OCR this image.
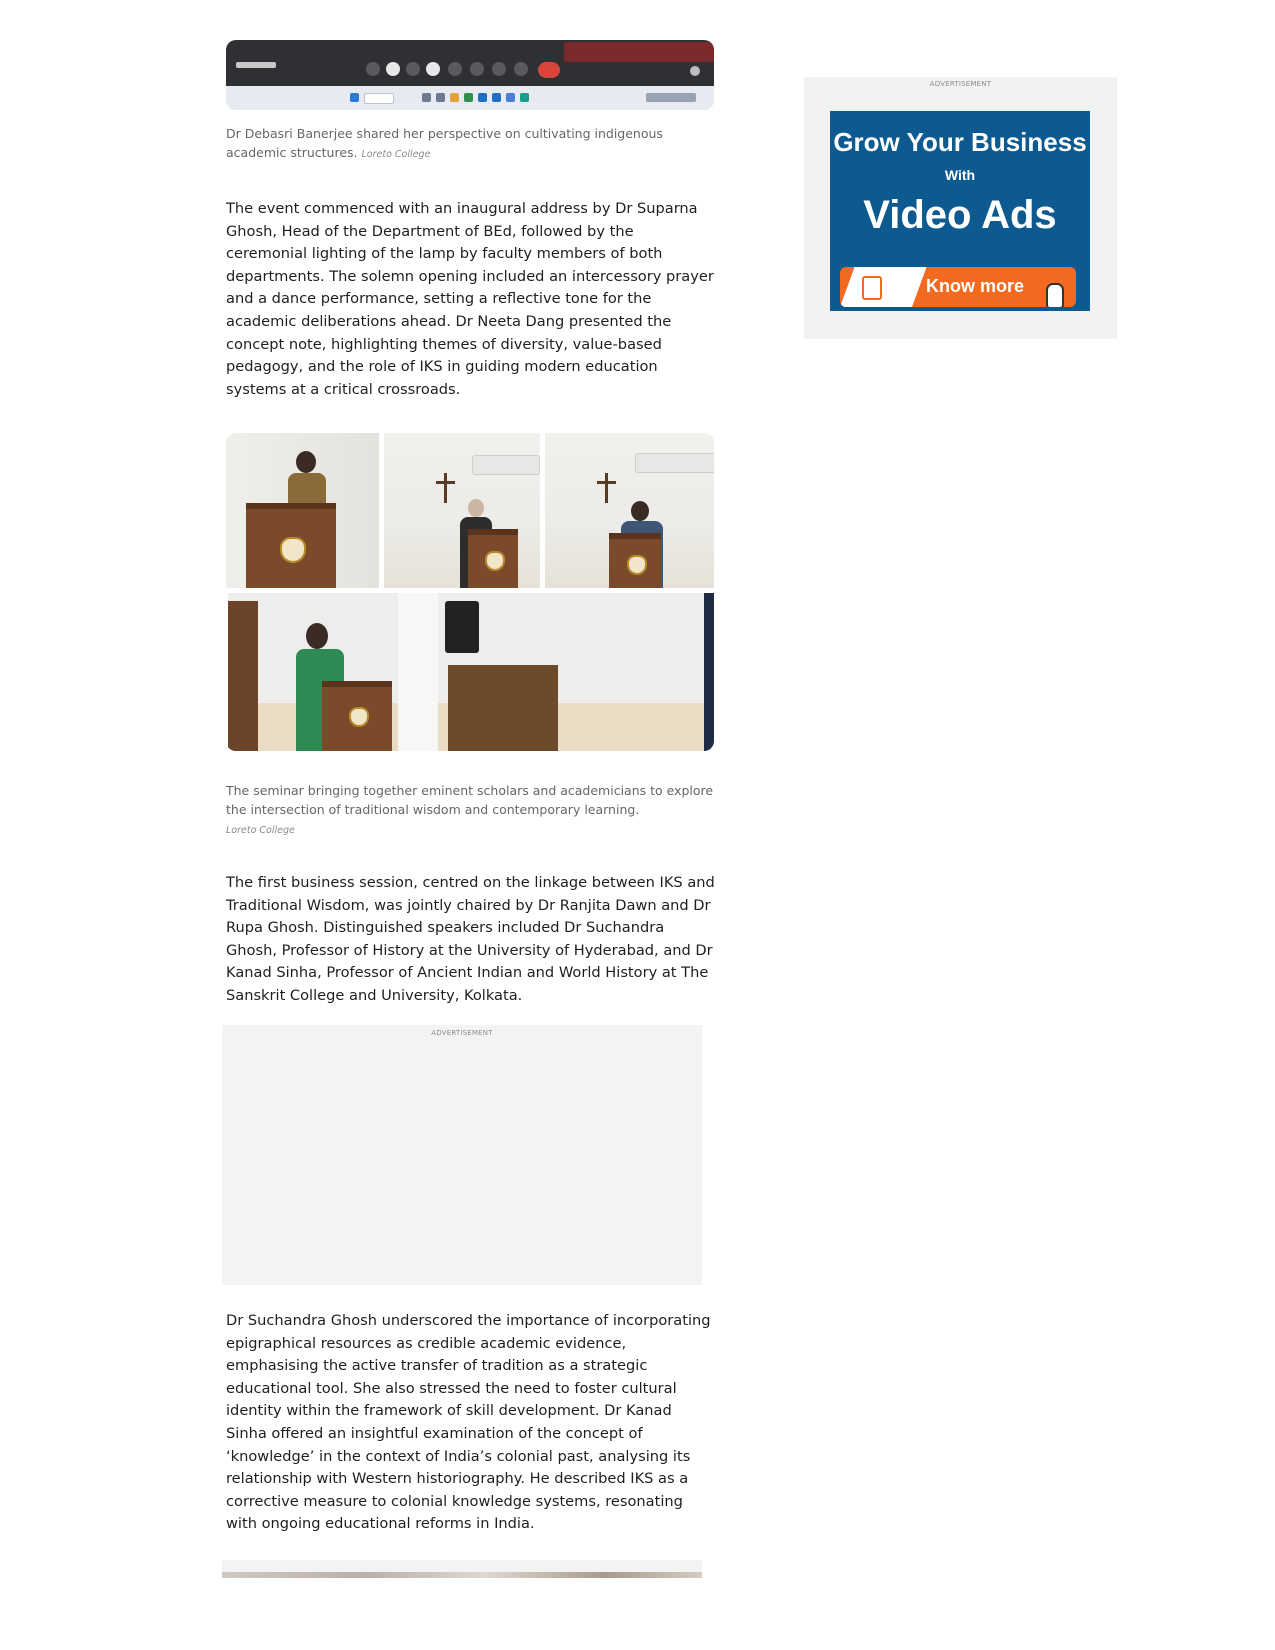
Dr Debasri Banerjee shared her perspective on cultivating indigenous academic structures. Loreto College

The event commenced with an inaugural address by Dr Suparna Ghosh, Head of the Department of BEd, followed by the ceremonial lighting of the lamp by faculty members of both departments. The solemn opening included an intercessory prayer and a dance performance, setting a reflective tone for the academic deliberations ahead. Dr Neeta Dang presented the concept note, highlighting themes of diversity, value-based pedagogy, and the role of IKS in guiding modern education systems at a critical crossroads.

The seminar bringing together eminent scholars and academicians to explore the intersection of traditional wisdom and contemporary learning.
Loreto College

The first business session, centred on the linkage between IKS and Traditional Wisdom, was jointly chaired by Dr Ranjita Dawn and Dr Rupa Ghosh. Distinguished speakers included Dr Suchandra Ghosh, Professor of History at the University of Hyderabad, and Dr Kanad Sinha, Professor of Ancient Indian and World History at The Sanskrit College and University, Kolkata.

ADVERTISEMENT

Dr Suchandra Ghosh underscored the importance of incorporating epigraphical resources as credible academic evidence, emphasising the active transfer of tradition as a strategic educational tool. She also stressed the need to foster cultural identity within the framework of skill development. Dr Kanad Sinha offered an insightful examination of the concept of ‘knowledge’ in the context of India’s colonial past, analysing its relationship with Western historiography. He described IKS as a corrective measure to colonial knowledge systems, resonating with ongoing educational reforms in India.

ADVERTISEMENT
Grow Your Business
With
Video Ads
Know more
